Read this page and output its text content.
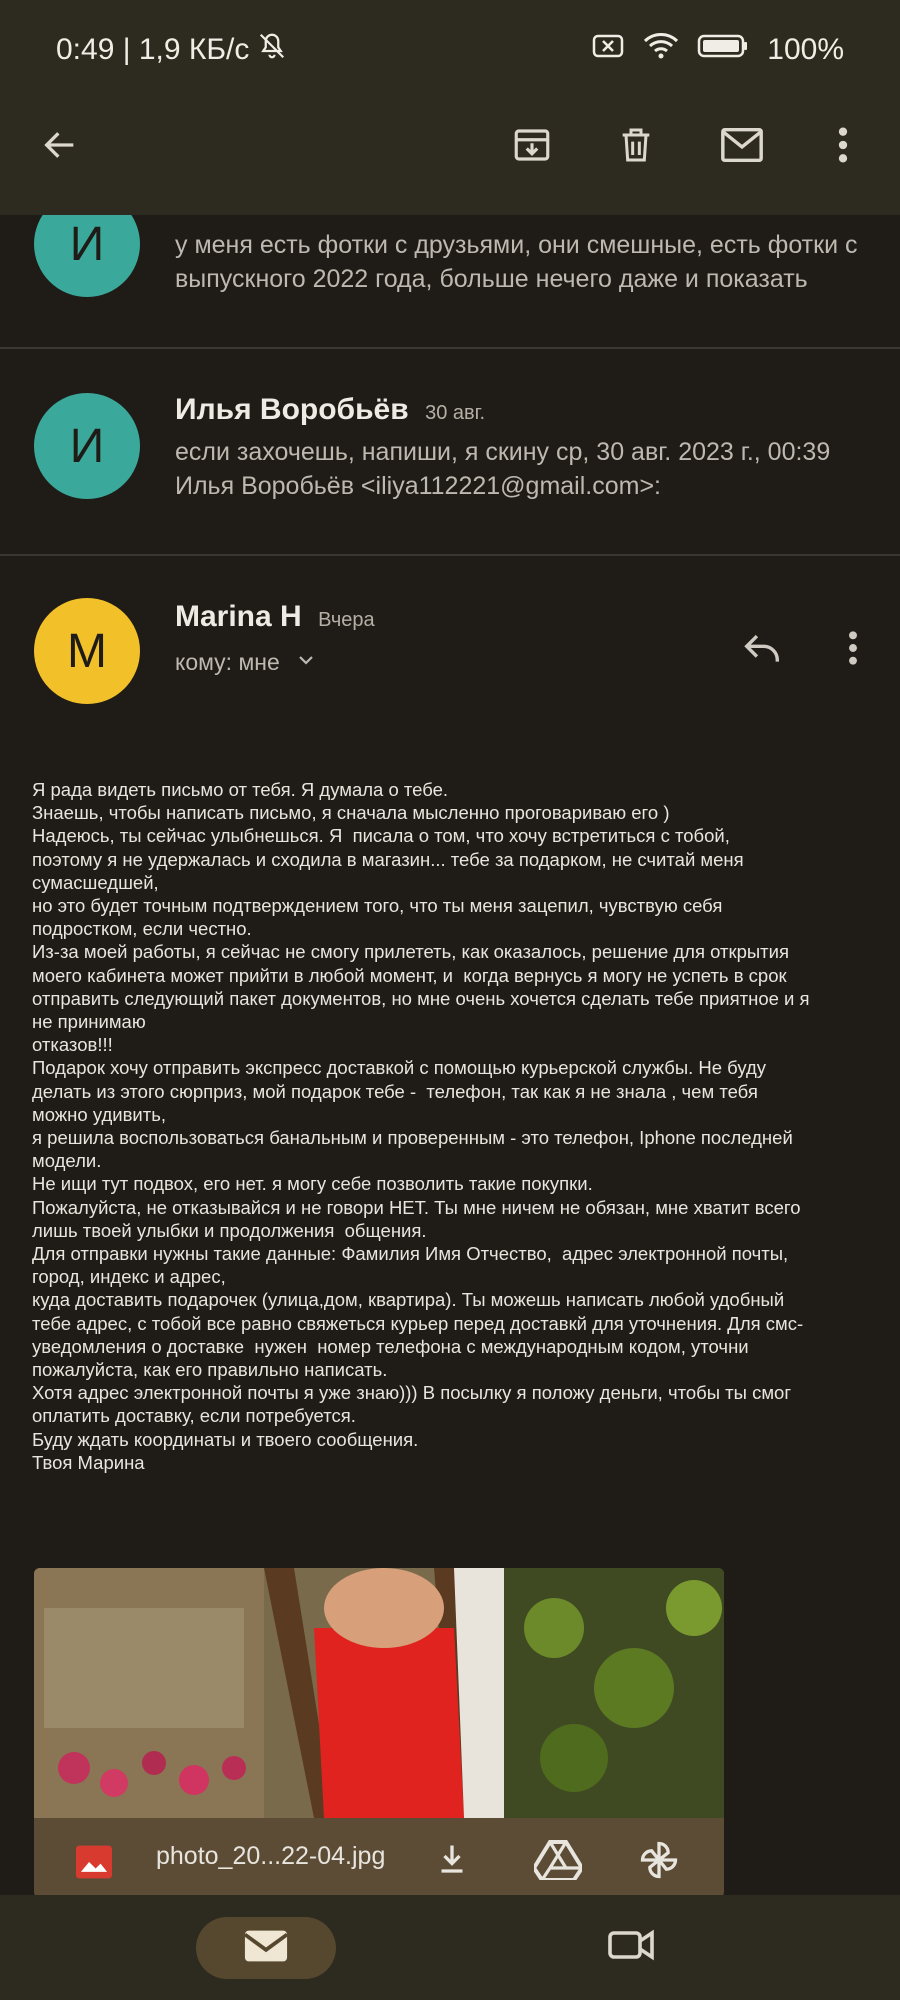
0:49 | 1,9 КБ/с	100%
И	у меня есть фотки с друзьями, они смешные, есть фотки с выпускного 2022 года, больше нечего даже и показать
И
Илья Воробьёв 30 авг.
если захочешь, напиши, я скину ср, 30 авг. 2023 г., 00:39 Илья Воробьёв <iliya112221@gmail.com>:
M
Marina H Вчера
кому: мне
Я рада видеть письмо от тебя. Я думала о тебе.
Знаешь, чтобы написать письмо, я сначала мысленно проговариваю его )
Надеюсь, ты сейчас улыбнешься. Я  писала о том, что хочу встретиться с тобой,
поэтому я не удержалась и сходила в магазин... тебе за подарком, не считай меня
сумасшедшей,
но это будет точным подтверждением того, что ты меня зацепил, чувствую себя
подростком, если честно.
Из-за моей работы, я сейчас не смогу прилететь, как оказалось, решение для открытия
моего кабинета может прийти в любой момент, и  когда вернусь я могу не успеть в срок
отправить следующий пакет документов, но мне очень хочется сделать тебе приятное и я
не принимаю
отказов!!!
Подарок хочу отправить экспресс доставкой с помощью курьерской службы. Не буду
делать из этого сюрприз, мой подарок тебе -  телефон, так как я не знала , чем тебя
можно удивить,
я решила воспользоваться банальным и проверенным - это телефон, Iphone последней
модели.
Не ищи тут подвох, его нет. я могу себе позволить такие покупки.
Пожалуйста, не отказывайся и не говори НЕТ. Ты мне ничем не обязан, мне хватит всего
лишь твоей улыбки и продолжения  общения.
Для отправки нужны такие данные: Фамилия Имя Отчество,  адрес электронной почты,
город, индекс и адрес,
куда доставить подарочек (улица,дом, квартира). Ты можешь написать любой удобный
тебе адрес, с тобой все равно свяжеться курьер перед доставкй для уточнения. Для смс-
уведомления о доставке  нужен  номер телефона с международным кодом, уточни
пожалуйста, как его правильно написать.
Хотя адрес электронной почты я уже знаю))) В посылку я положу деньги, чтобы ты смог
оплатить доставку, если потребуется.
Буду ждать координаты и твоего сообщения.
Твоя Марина
photo_20...22-04.jpg
